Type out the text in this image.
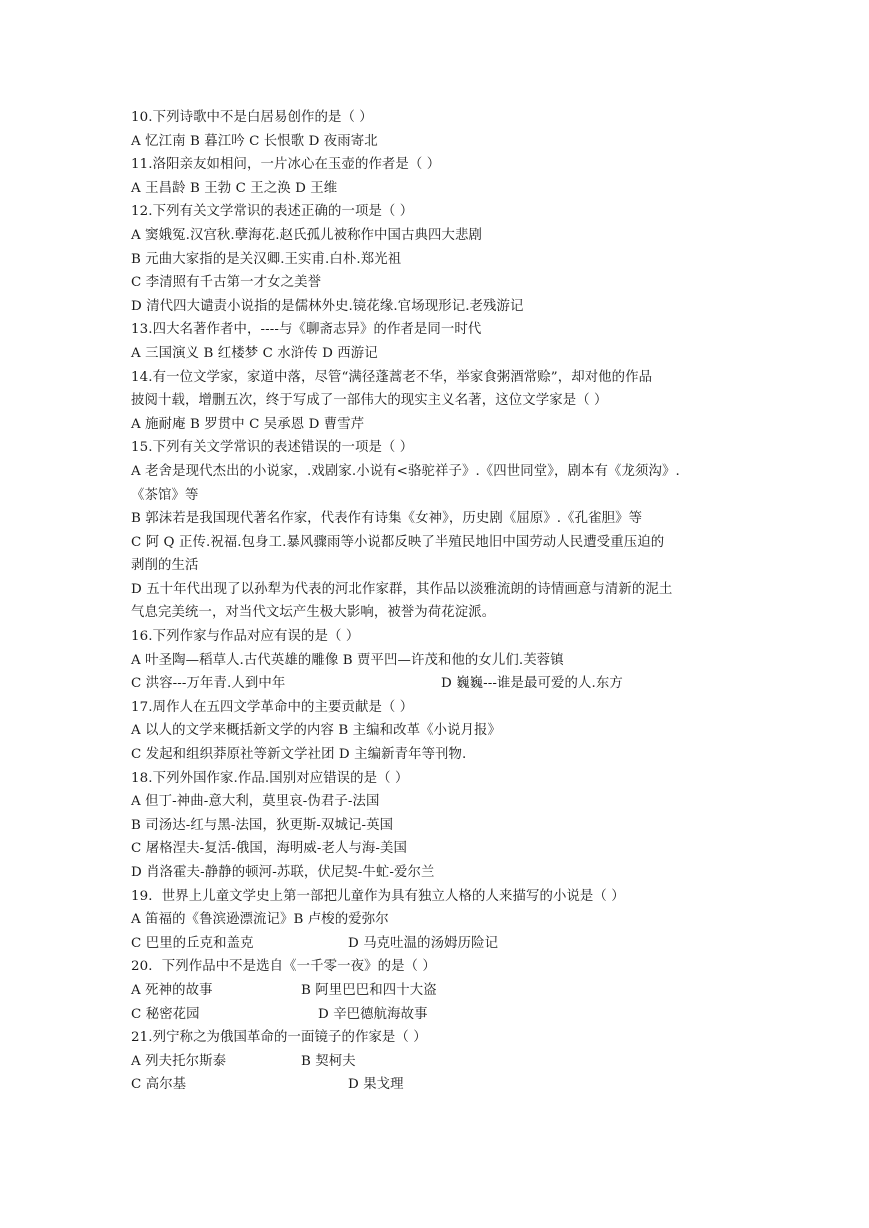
10.下列诗歌中不是白居易创作的是（ ）
A 忆江南 B 暮江吟 C 长恨歌 D 夜雨寄北
11.洛阳亲友如相问，一片冰心在玉壶的作者是（ ）
A 王昌龄 B 王勃 C 王之涣 D 王维
12.下列有关文学常识的表述正确的一项是（ ）
A 窦娥冤.汉宫秋.孽海花.赵氏孤儿被称作中国古典四大悲剧
B 元曲大家指的是关汉卿.王实甫.白朴.郑光祖
C 李清照有千古第一才女之美誉
D 清代四大谴责小说指的是儒林外史.镜花缘.官场现形记.老残游记
13.四大名著作者中，----与《聊斋志异》的作者是同一时代
A 三国演义 B 红楼梦 C 水浒传 D 西游记
14.有一位文学家，家道中落，尽管“满径蓬蒿老不华，举家食粥酒常赊”，却对他的作品
披阅十载，增删五次，终于写成了一部伟大的现实主义名著，这位文学家是（ ）
A 施耐庵 B 罗贯中 C 吴承恩 D 曹雪芹
15.下列有关文学常识的表述错误的一项是（ ）
A 老舍是现代杰出的小说家，.戏剧家.小说有<骆驼祥子》.《四世同堂》，剧本有《龙须沟》.
《茶馆》等
B 郭沫若是我国现代著名作家，代表作有诗集《女神》，历史剧《屈原》.《孔雀胆》等
C 阿 Q 正传.祝福.包身工.暴风骤雨等小说都反映了半殖民地旧中国劳动人民遭受重压迫的
剥削的生活
D 五十年代出现了以孙犁为代表的河北作家群，其作品以淡雅流朗的诗情画意与清新的泥土
气息完美统一，对当代文坛产生极大影响，被誉为荷花淀派。
16.下列作家与作品对应有误的是（ ）
A 叶圣陶—稻草人.古代英雄的雕像 B 贾平凹—许茂和他的女儿们.芙蓉镇
C 洪容---万年青.人到中年	D 巍巍---谁是最可爱的人.东方
17.周作人在五四文学革命中的主要贡献是（ ）
A 以人的文学来概括新文学的内容 B 主编和改革《小说月报》
C 发起和组织莽原社等新文学社团 D 主编新青年等刊物.
18.下列外国作家.作品.国别对应错误的是（ ）
A 但丁-神曲-意大利，莫里哀-伪君子-法国
B 司汤达-红与黑-法国，狄更斯-双城记-英国
C 屠格涅夫-复活-俄国，海明威-老人与海-美国
D 肖洛霍夫-静静的顿河-苏联，伏尼契-牛虻-爱尔兰
19．世界上儿童文学史上第一部把儿童作为具有独立人格的人来描写的小说是（ ）
A 笛福的《鲁滨逊漂流记》B 卢梭的爱弥尔
C 巴里的丘克和盖克	D 马克吐温的汤姆历险记
20．下列作品中不是选自《一千零一夜》的是（ ）
A 死神的故事	B 阿里巴巴和四十大盗
C 秘密花园	D 辛巴德航海故事
21.列宁称之为俄国革命的一面镜子的作家是（ ）
A 列夫托尔斯泰	B 契柯夫
C 高尔基	D 果戈理
